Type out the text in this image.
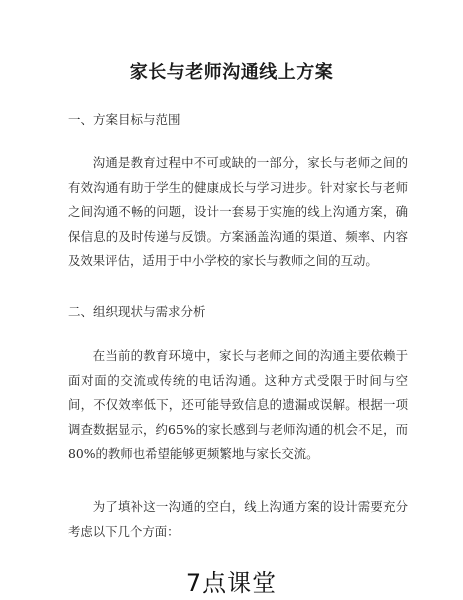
家长与老师沟通线上方案
一、方案目标与范围
沟通是教育过程中不可或缺的一部分，家长与老师之间的有效沟通有助于学生的健康成长与学习进步。针对家长与老师之间沟通不畅的问题，设计一套易于实施的线上沟通方案，确保信息的及时传递与反馈。方案涵盖沟通的渠道、频率、内容及效果评估，适用于中小学校的家长与教师之间的互动。
二、组织现状与需求分析
在当前的教育环境中，家长与老师之间的沟通主要依赖于面对面的交流或传统的电话沟通。这种方式受限于时间与空间，不仅效率低下，还可能导致信息的遗漏或误解。根据一项调查数据显示，约65%的家长感到与老师沟通的机会不足，而80%的教师也希望能够更频繁地与家长交流。
为了填补这一沟通的空白，线上沟通方案的设计需要充分考虑以下几个方面：
7点课堂
